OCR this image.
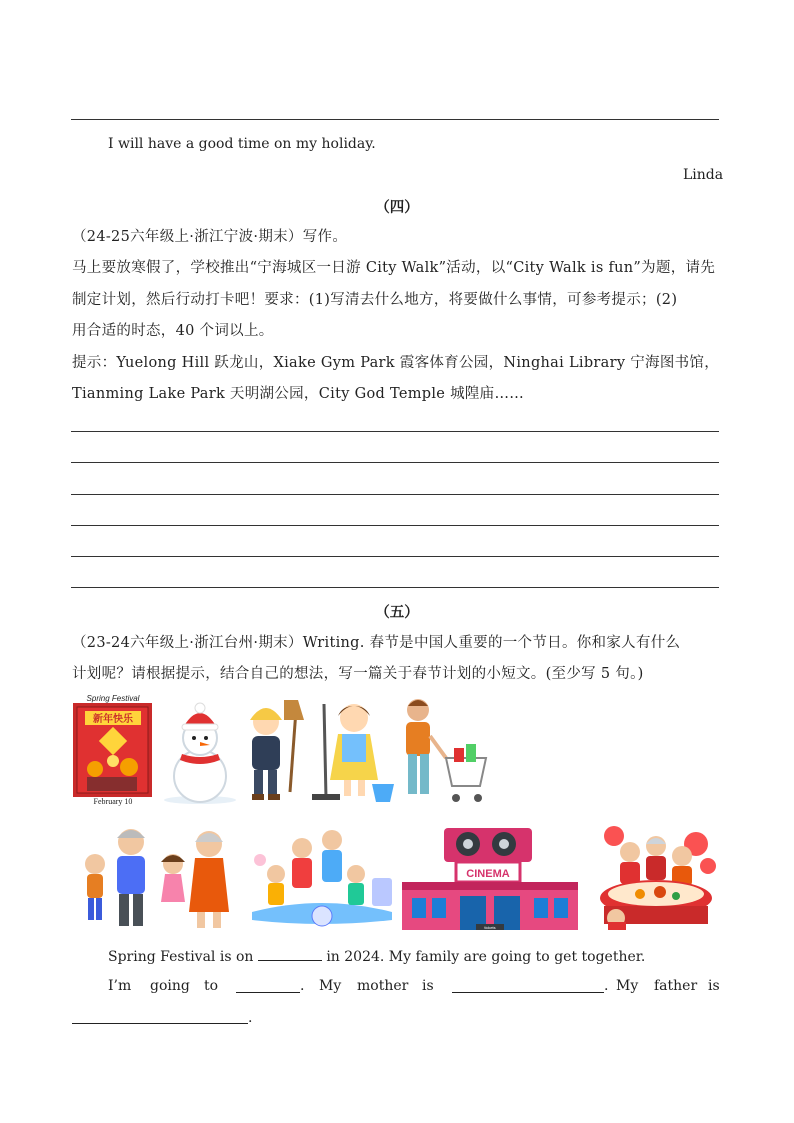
I will have a good time on my holiday.
Linda
（四）
（24-25六年级上·浙江宁波·期末）写作。
马上要放寒假了，学校推出“宁海城区一日游 City Walk”活动，以“City Walk is fun”为题，请先
制定计划，然后行动打卡吧！要求：(1)写清去什么地方，将要做什么事情，可参考提示；(2)
用合适的时态，40 个词以上。
提示：Yuelong Hill 跃龙山，Xiake Gym Park 霞客体育公园，Ninghai Library 宁海图书馆，
Tianming Lake Park 天明湖公园，City God Temple 城隍庙……
（五）
（23-24六年级上·浙江台州·期末）Writing. 春节是中国人重要的一个节日。你和家人有什么
计划呢？请根据提示，结合自己的想法，写一篇关于春节计划的小短文。(至少写 5 句。)
Spring Festival
新年快乐
February 10
CINEMA
tickets
Spring Festival is on	in 2024. My family are going to get together.
I’m going to	. My mother is	. My father is
.
